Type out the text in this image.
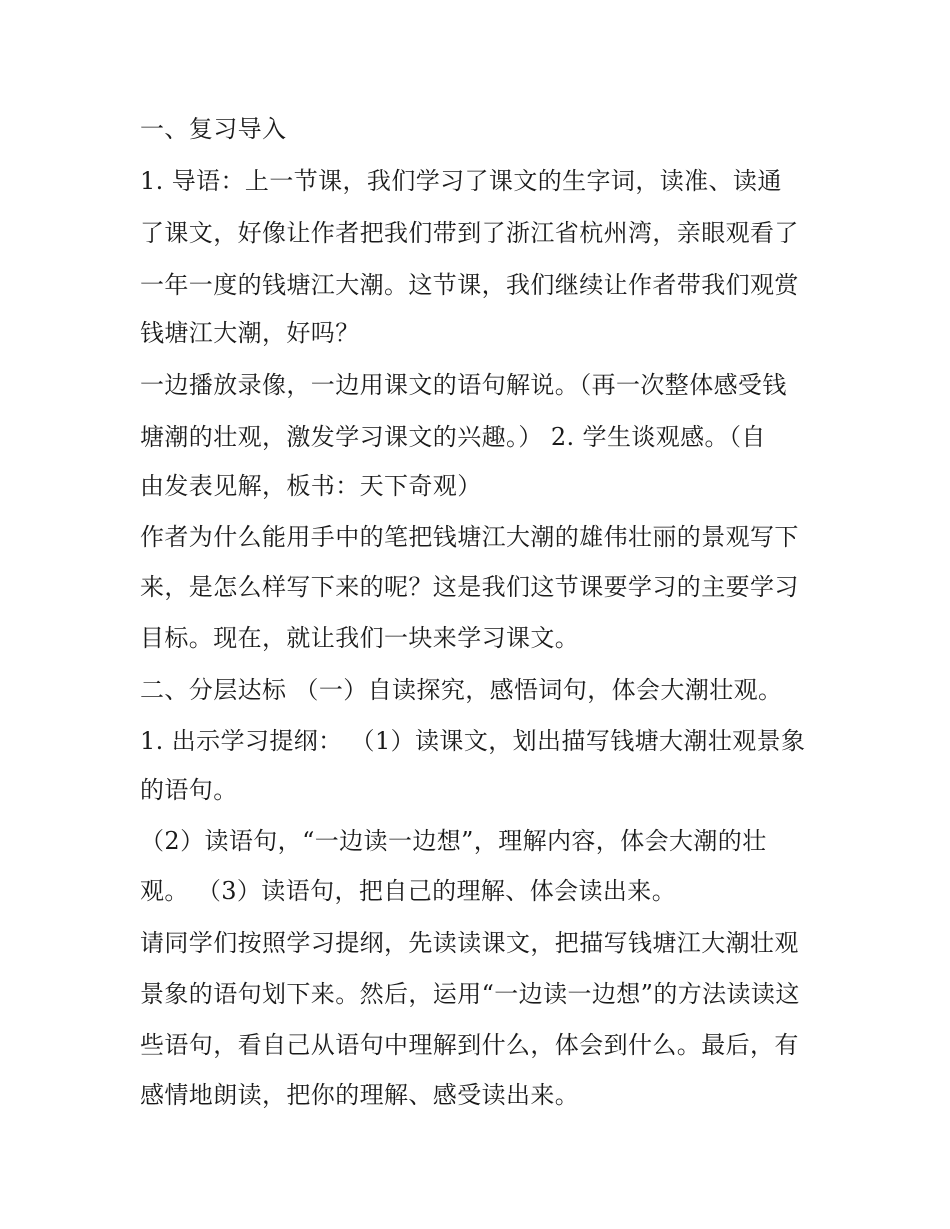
一、复习导入
1. 导语：上一节课，我们学习了课文的生字词，读准、读通
了课文，好像让作者把我们带到了浙江省杭州湾，亲眼观看了
一年一度的钱塘江大潮。这节课，我们继续让作者带我们观赏
钱塘江大潮，好吗？
一边播放录像，一边用课文的语句解说。（再一次整体感受钱
塘潮的壮观，激发学习课文的兴趣。） 2. 学生谈观感。（自
由发表见解，板书：天下奇观）
作者为什么能用手中的笔把钱塘江大潮的雄伟壮丽的景观写下
来，是怎么样写下来的呢？这是我们这节课要学习的主要学习
目标。现在，就让我们一块来学习课文。
二、分层达标 （一）自读探究，感悟词句，体会大潮壮观。
1. 出示学习提纲： （1）读课文，划出描写钱塘大潮壮观景象
的语句。
（2）读语句，“一边读一边想”，理解内容，体会大潮的壮
观。 （3）读语句，把自己的理解、体会读出来。
请同学们按照学习提纲，先读读课文，把描写钱塘江大潮壮观
景象的语句划下来。然后，运用“一边读一边想”的方法读读这
些语句，看自己从语句中理解到什么，体会到什么。最后，有
感情地朗读，把你的理解、感受读出来。
